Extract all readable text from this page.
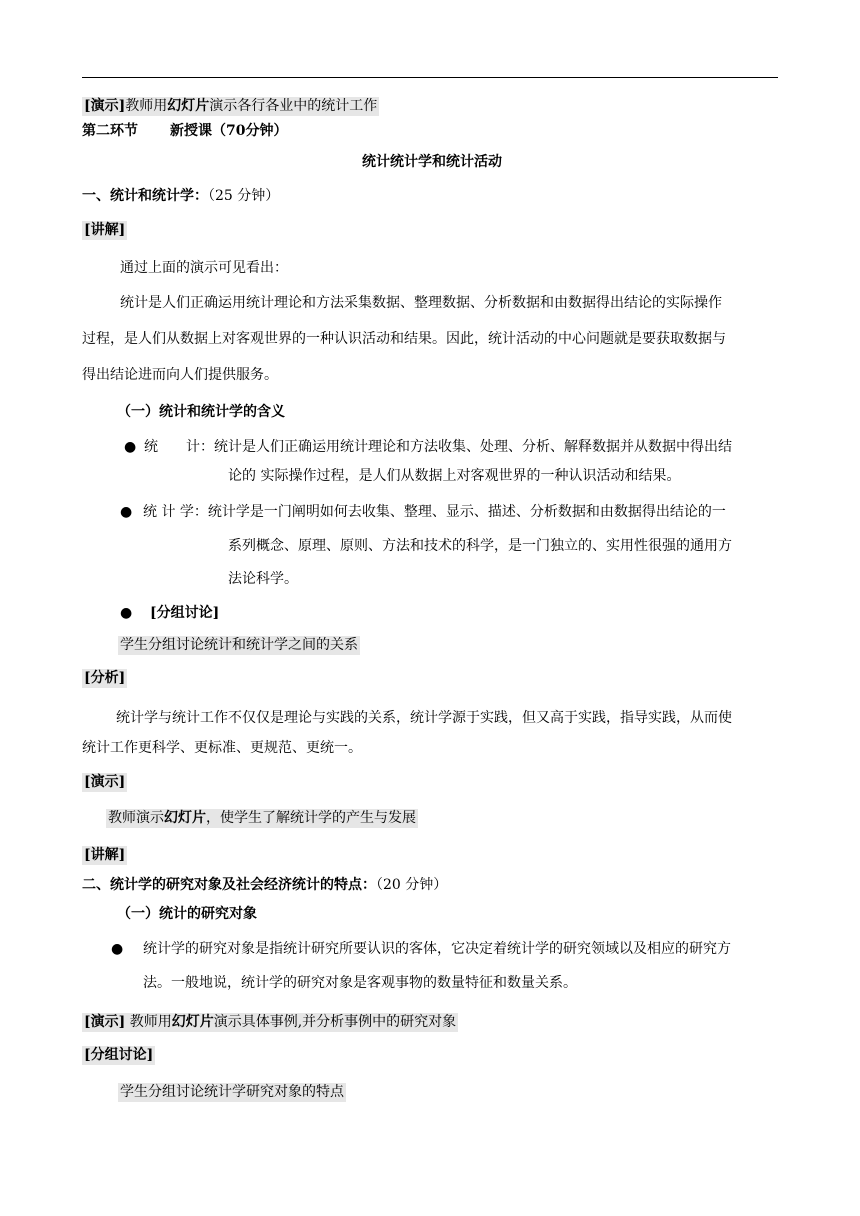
[演示]教师用幻灯片演示各行各业中的统计工作
第二环节 新授课（70分钟）
统计统计学和统计活动
一、统计和统计学：（25 分钟）
[讲解]
通过上面的演示可见看出：
统计是人们正确运用统计理论和方法采集数据、整理数据、分析数据和由数据得出结论的实际操作
过程，是人们从数据上对客观世界的一种认识活动和结果。因此，统计活动的中心问题就是要获取数据与
得出结论进而向人们提供服务。
（一）统计和统计学的含义
● 统　　计：统计是人们正确运用统计理论和方法收集、处理、分析、解释数据并从数据中得出结
论的 实际操作过程，是人们从数据上对客观世界的一种认识活动和结果。
● 统 计 学：统计学是一门阐明如何去收集、整理、显示、描述、分析数据和由数据得出结论的一
系列概念、原理、原则、方法和技术的科学，是一门独立的、实用性很强的通用方
法论科学。
● [分组讨论]
学生分组讨论统计和统计学之间的关系
[分析]
统计学与统计工作不仅仅是理论与实践的关系，统计学源于实践，但又高于实践，指导实践，从而使
统计工作更科学、更标准、更规范、更统一。
[演示]
教师演示幻灯片，使学生了解统计学的产生与发展
[讲解]
二、统计学的研究对象及社会经济统计的特点：（20 分钟）
（一）统计的研究对象
● 统计学的研究对象是指统计研究所要认识的客体，它决定着统计学的研究领域以及相应的研究方
法。一般地说，统计学的研究对象是客观事物的数量特征和数量关系。
[演示] 教师用幻灯片演示具体事例,并分析事例中的研究对象
[分组讨论]
学生分组讨论统计学研究对象的特点
